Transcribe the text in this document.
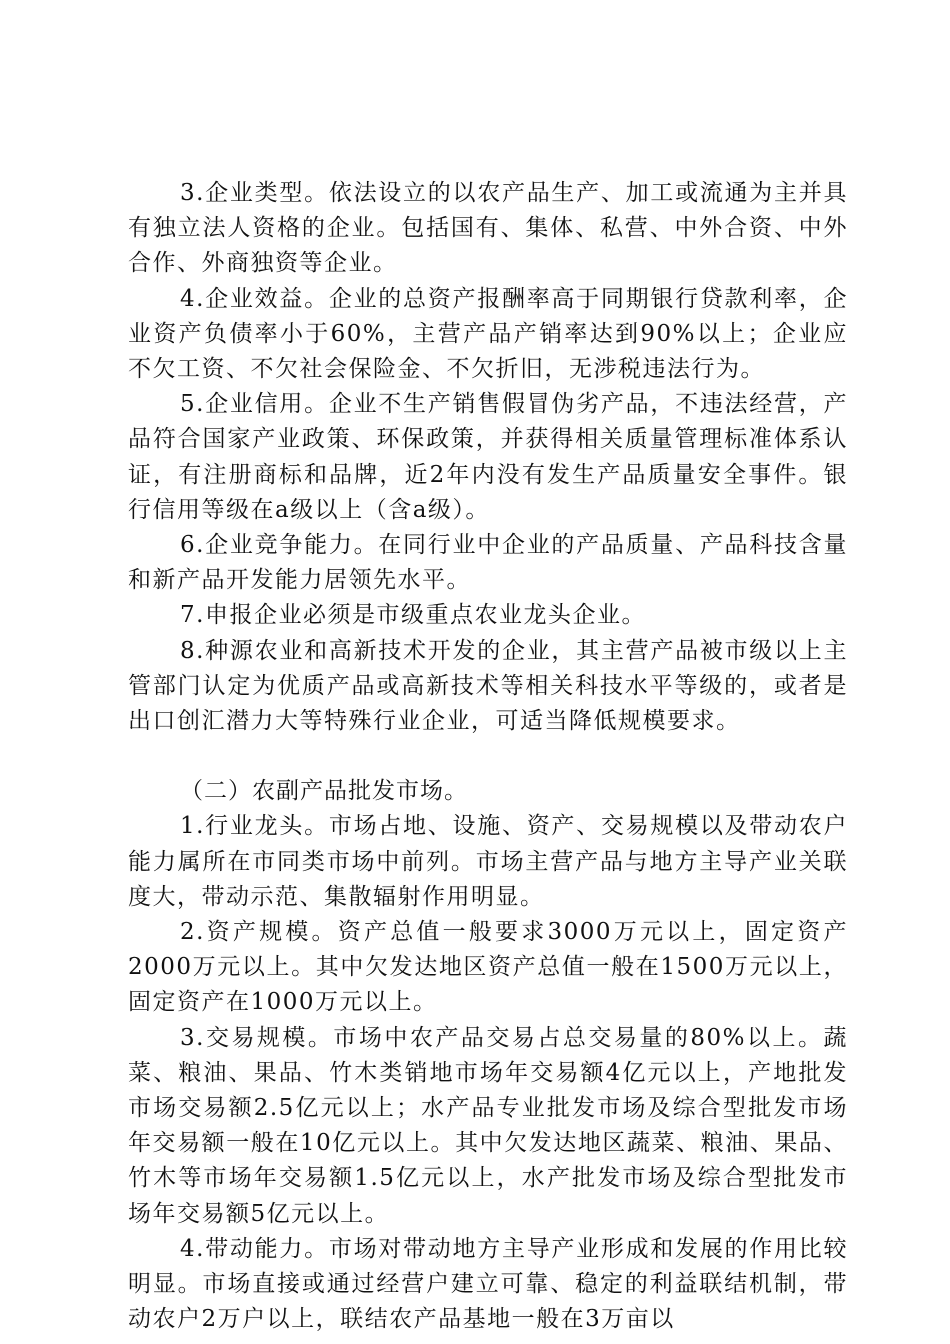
3.企业类型。依法设立的以农产品生产、加工或流通为主并具有独立法人资格的企业。包括国有、集体、私营、中外合资、中外合作、外商独资等企业。

4.企业效益。企业的总资产报酬率高于同期银行贷款利率，企业资产负债率小于60%，主营产品产销率达到90%以上；企业应不欠工资、不欠社会保险金、不欠折旧，无涉税违法行为。

5.企业信用。企业不生产销售假冒伪劣产品，不违法经营，产品符合国家产业政策、环保政策，并获得相关质量管理标准体系认证，有注册商标和品牌，近2年内没有发生产品质量安全事件。银行信用等级在a级以上（含a级）。

6.企业竞争能力。在同行业中企业的产品质量、产品科技含量和新产品开发能力居领先水平。

7.申报企业必须是市级重点农业龙头企业。

8.种源农业和高新技术开发的企业，其主营产品被市级以上主管部门认定为优质产品或高新技术等相关科技水平等级的，或者是出口创汇潜力大等特殊行业企业，可适当降低规模要求。

（二）农副产品批发市场。

1.行业龙头。市场占地、设施、资产、交易规模以及带动农户能力属所在市同类市场中前列。市场主营产品与地方主导产业关联度大，带动示范、集散辐射作用明显。

2.资产规模。资产总值一般要求3000万元以上，固定资产2000万元以上。其中欠发达地区资产总值一般在1500万元以上，固定资产在1000万元以上。

3.交易规模。市场中农产品交易占总交易量的80%以上。蔬菜、粮油、果品、竹木类销地市场年交易额4亿元以上，产地批发市场交易额2.5亿元以上；水产品专业批发市场及综合型批发市场年交易额一般在10亿元以上。其中欠发达地区蔬菜、粮油、果品、竹木等市场年交易额1.5亿元以上，水产批发市场及综合型批发市场年交易额5亿元以上。

4.带动能力。市场对带动地方主导产业形成和发展的作用比较明显。市场直接或通过经营户建立可靠、稳定的利益联结机制，带动农户2万户以上，联结农产品基地一般在3万亩以
